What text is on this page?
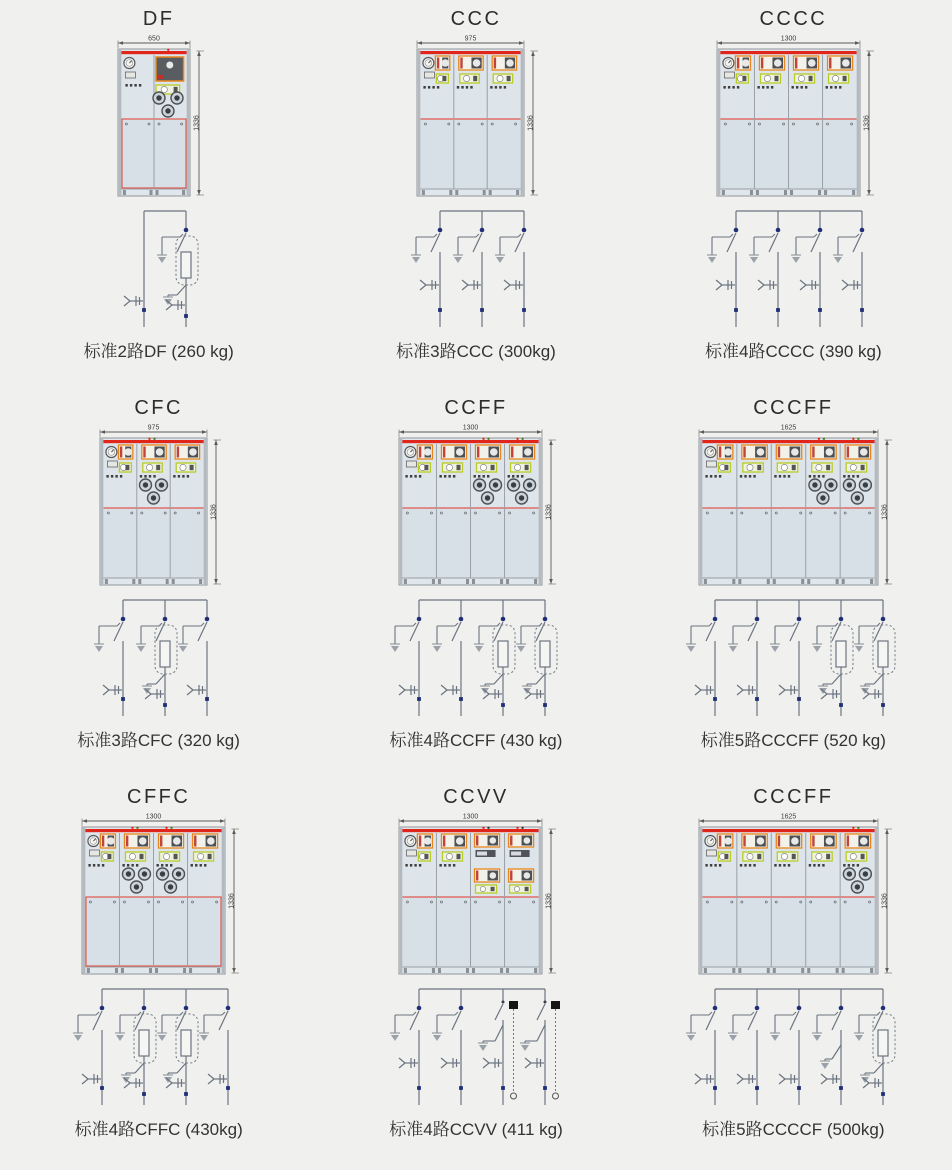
DF
650
1336
标准2路DF (260 kg)
CCC
975
1336
标准3路CCC (300kg)
CCCC
1300
1336
标准4路CCCC (390 kg)
CFC
975
1336
标准3路CFC (320 kg)
CCFF
1300
1336
标准4路CCFF (430 kg)
CCCFF
1625
1336
标准5路CCCFF (520 kg)
CFFC
1300
1336
标准4路CFFC (430kg)
CCVV
1300
1336
标准4路CCVV (411 kg)
CCCFF
1625
1336
标准5路CCCCF (500kg)
